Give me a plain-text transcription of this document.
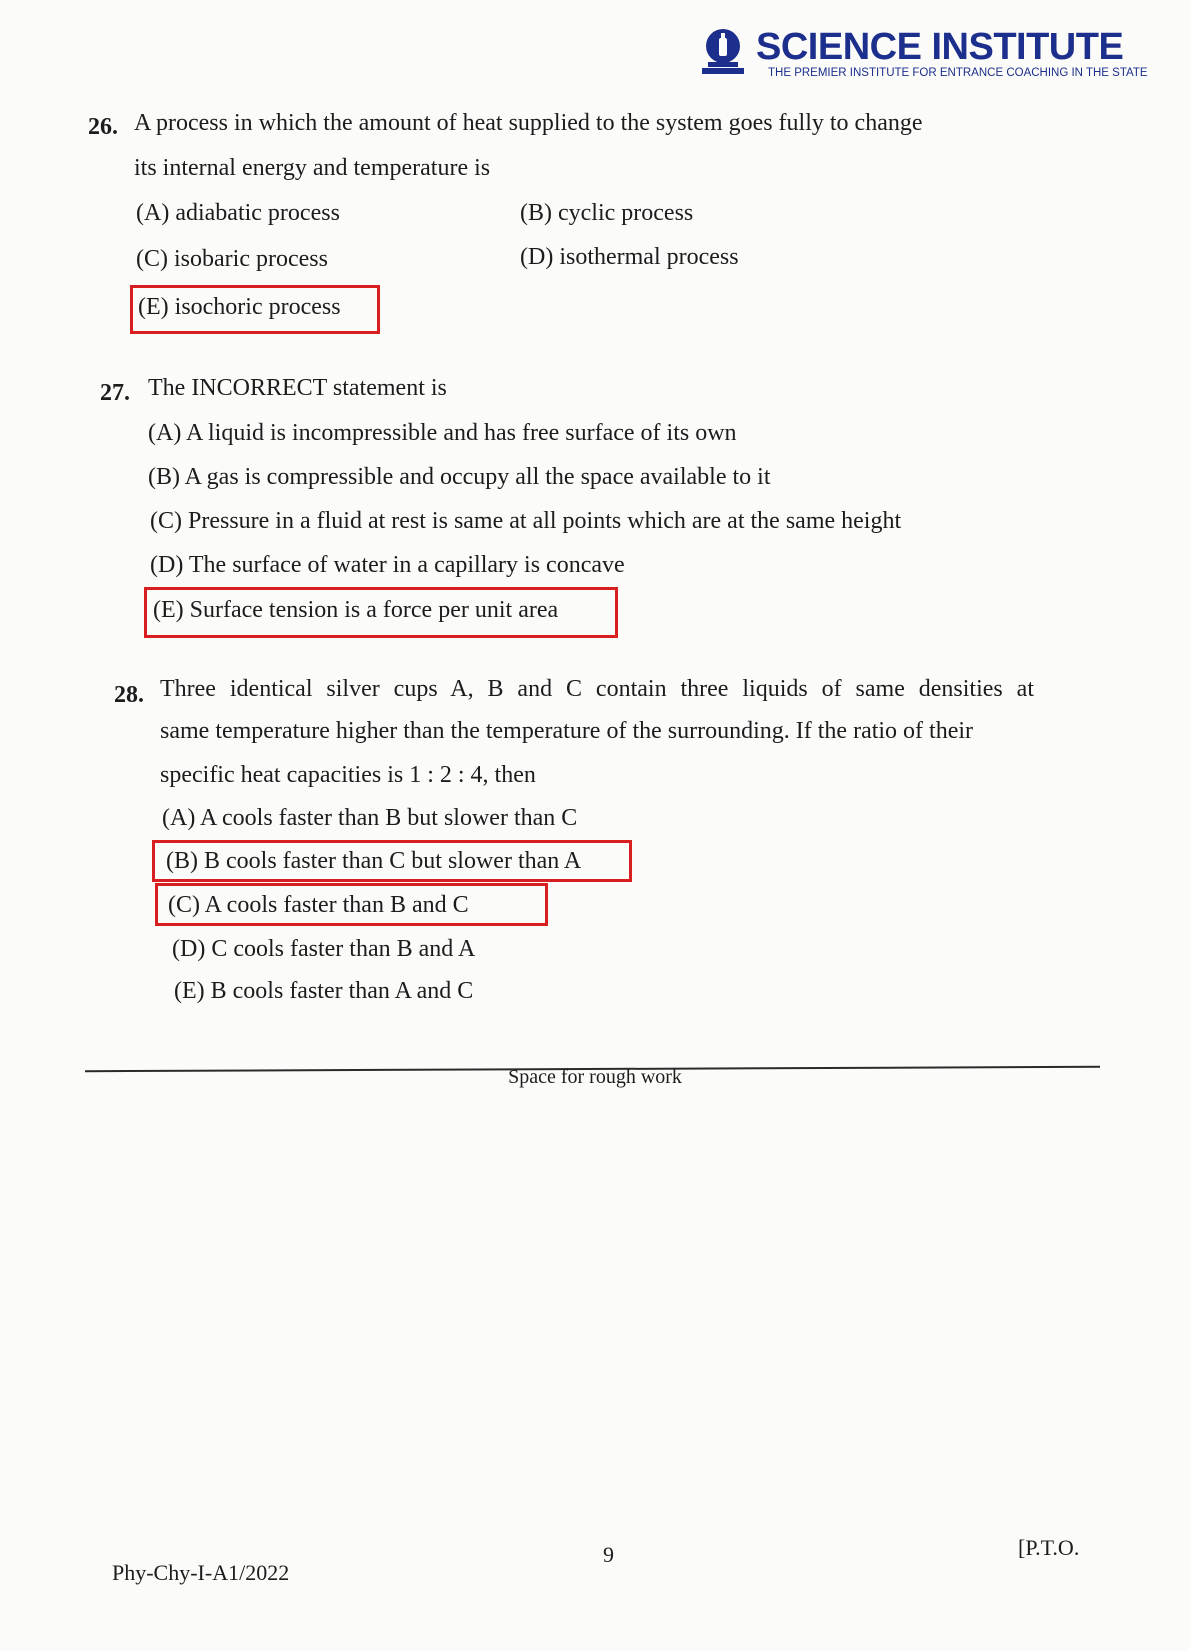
SCIENCE INSTITUTE
THE PREMIER INSTITUTE FOR ENTRANCE COACHING IN THE STATE
26. A process in which the amount of heat supplied to the system goes fully to change
its internal energy and temperature is
(A) adiabatic process	(B) cyclic process
(C) isobaric process	(D) isothermal process
(E) isochoric process
27. The INCORRECT statement is
(A) A liquid is incompressible and has free surface of its own
(B) A gas is compressible and occupy all the space available to it
(C) Pressure in a fluid at rest is same at all points which are at the same height
(D) The surface of water in a capillary is concave
(E) Surface tension is a force per unit area
28. Three identical silver cups A, B and C contain three liquids of same densities at
same temperature higher than the temperature of the surrounding. If the ratio of their
specific heat capacities is 1 : 2 : 4, then
(A) A cools faster than B but slower than C
(B) B cools faster than C but slower than A
(C) A cools faster than B and C
(D) C cools faster than B and A
(E) B cools faster than A and C
Space for rough work
Phy-Chy-I-A1/2022
9	[P.T.O.
